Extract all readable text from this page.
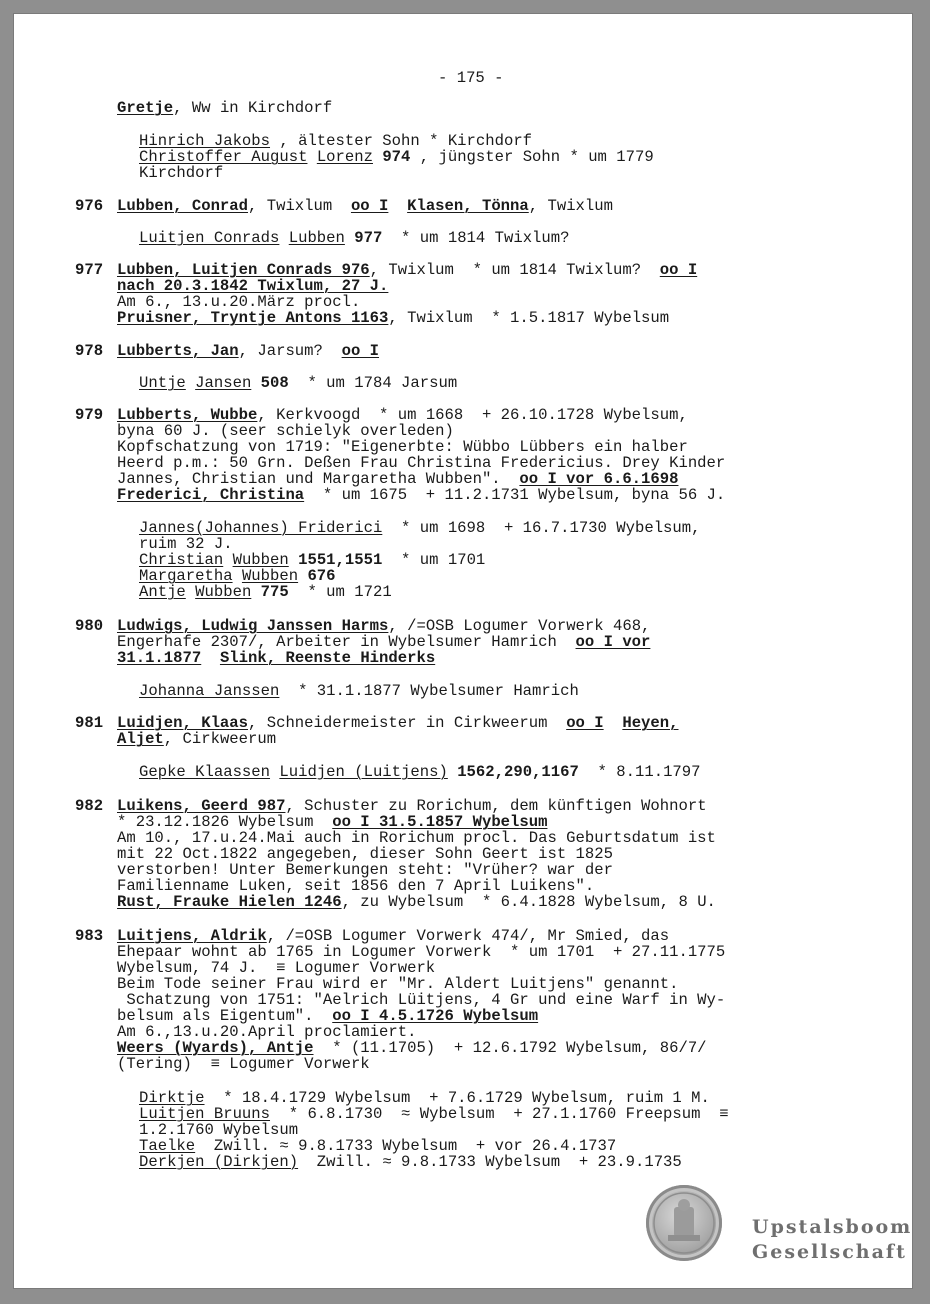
- 175 -
Gretje, Ww in Kirchdorf
Hinrich Jakobs , ältester Sohn * Kirchdorf
Christoffer August Lorenz 974 , jüngster Sohn * um 1779
Kirchdorf
976 Lubben, Conrad, Twixlum  oo I Klasen, Tönna, Twixlum
Luitjen Conrads Lubben 977  * um 1814 Twixlum?
977 Lubben, Luitjen Conrads 976, Twixlum  * um 1814 Twixlum?  oo I
nach 20.3.1842 Twixlum, 27 J.
Am 6., 13.u.20.März procl.
Pruisner, Tryntje Antons 1163, Twixlum  * 1.5.1817 Wybelsum
978 Lubberts, Jan, Jarsum?  oo I
Untje Jansen 508  * um 1784 Jarsum
979 Lubberts, Wubbe, Kerkvoogd  * um 1668  + 26.10.1728 Wybelsum,
byna 60 J. (seer schielyk overleden)
Kopfschatzung von 1719: "Eigenerbte: Wübbo Lübbers ein halber
Heerd p.m.: 50 Grn. Deßen Frau Christina Fredericius. Drey Kinder
Jannes, Christian und Margaretha Wubben".  oo I vor 6.6.1698
Frederici, Christina  * um 1675  + 11.2.1731 Wybelsum, byna 56 J.
Jannes(Johannes) Friderici  * um 1698  + 16.7.1730 Wybelsum,
ruim 32 J.
Christian Wubben 1551,1551  * um 1701
Margaretha Wubben 676
Antje Wubben 775  * um 1721
980 Ludwigs, Ludwig Janssen Harms, /=OSB Logumer Vorwerk 468,
Engerhafe 2307/, Arbeiter in Wybelsumer Hamrich  oo I vor
31.1.1877 Slink, Reenste Hinderks
Johanna Janssen  * 31.1.1877 Wybelsumer Hamrich
981 Luidjen, Klaas, Schneidermeister in Cirkweerum  oo I Heyen,
Aljet, Cirkweerum
Gepke Klaassen Luidjen (Luitjens) 1562,290,1167  * 8.11.1797
982 Luikens, Geerd 987, Schuster zu Rorichum, dem künftigen Wohnort
* 23.12.1826 Wybelsum  oo I 31.5.1857 Wybelsum
Am 10., 17.u.24.Mai auch in Rorichum procl. Das Geburtsdatum ist
mit 22 Oct.1822 angegeben, dieser Sohn Geert ist 1825
verstorben! Unter Bemerkungen steht: "Vrüher? war der
Familienname Luken, seit 1856 den 7 April Luikens".
Rust, Frauke Hielen 1246, zu Wybelsum  * 6.4.1828 Wybelsum, 8 U.
983 Luitjens, Aldrik, /=OSB Logumer Vorwerk 474/, Mr Smied, das
Ehepaar wohnt ab 1765 in Logumer Vorwerk  * um 1701  + 27.11.1775
Wybelsum, 74 J.  ≡ Logumer Vorwerk
Beim Tode seiner Frau wird er "Mr. Aldert Luitjens" genannt.
Schatzung von 1751: "Aelrich Lüitjens, 4 Gr und eine Warf in Wy-
belsum als Eigentum".  oo I 4.5.1726 Wybelsum
Am 6.,13.u.20.April proclamiert.
Weers (Wyards), Antje  * (11.1705)  + 12.6.1792 Wybelsum, 86/7/
(Tering)  ≡ Logumer Vorwerk
Dirktje  * 18.4.1729 Wybelsum  + 7.6.1729 Wybelsum, ruim 1 M.
Luitjen Bruuns  * 6.8.1730  ≈ Wybelsum  + 27.1.1760 Freepsum  ≡
1.2.1760 Wybelsum
Taelke  Zwill. ≈ 9.8.1733 Wybelsum  + vor 26.4.1737
Derkjen (Dirkjen)  Zwill. ≈ 9.8.1733 Wybelsum  + 23.9.1735
Upstalsboom
Gesellschaft
